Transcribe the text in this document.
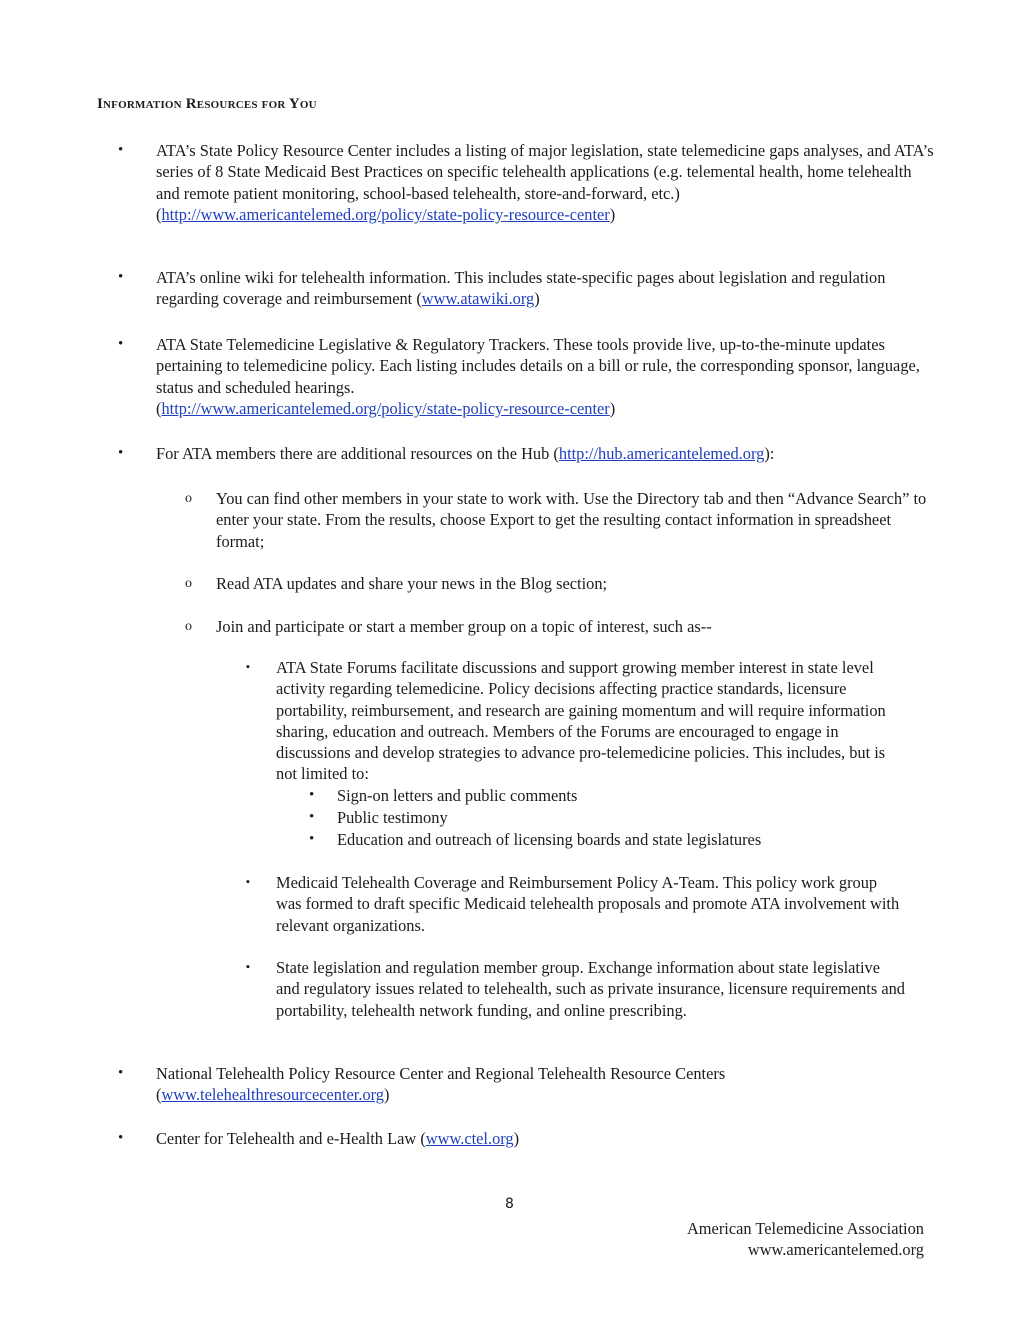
Information Resources for You
• ATA’s State Policy Resource Center includes a listing of major legislation, state telemedicine gaps analyses, and ATA’s series of 8 State Medicaid Best Practices on specific telehealth applications (e.g. telemental health, home telehealth and remote patient monitoring, school-based telehealth, store-and-forward, etc.)
(http://www.americantelemed.org/policy/state-policy-resource-center)
• ATA’s online wiki for telehealth information. This includes state-specific pages about legislation and regulation regarding coverage and reimbursement (www.atawiki.org)
• ATA State Telemedicine Legislative & Regulatory Trackers. These tools provide live, up-to-the-minute updates pertaining to telemedicine policy. Each listing includes details on a bill or rule, the corresponding sponsor, language, status and scheduled hearings.
(http://www.americantelemed.org/policy/state-policy-resource-center)
• For ATA members there are additional resources on the Hub (http://hub.americantelemed.org):
o You can find other members in your state to work with. Use the Directory tab and then “Advance Search” to enter your state. From the results, choose Export to get the resulting contact information in spreadsheet format;
o Read ATA updates and share your news in the Blog section;
o Join and participate or start a member group on a topic of interest, such as--
▪ ATA State Forums facilitate discussions and support growing member interest in state level activity regarding telemedicine. Policy decisions affecting practice standards, licensure portability, reimbursement, and research are gaining momentum and will require information sharing, education and outreach. Members of the Forums are encouraged to engage in discussions and develop strategies to advance pro-telemedicine policies. This includes, but is not limited to:
• Sign-on letters and public comments
• Public testimony
• Education and outreach of licensing boards and state legislatures
▪ Medicaid Telehealth Coverage and Reimbursement Policy A-Team. This policy work group was formed to draft specific Medicaid telehealth proposals and promote ATA involvement with relevant organizations.
▪ State legislation and regulation member group. Exchange information about state legislative and regulatory issues related to telehealth, such as private insurance, licensure requirements and portability, telehealth network funding, and online prescribing.
• National Telehealth Policy Resource Center and Regional Telehealth Resource Centers
(www.telehealthresourcecenter.org)
• Center for Telehealth and e-Health Law (www.ctel.org)
8
American Telemedicine Association
www.americantelemed.org
